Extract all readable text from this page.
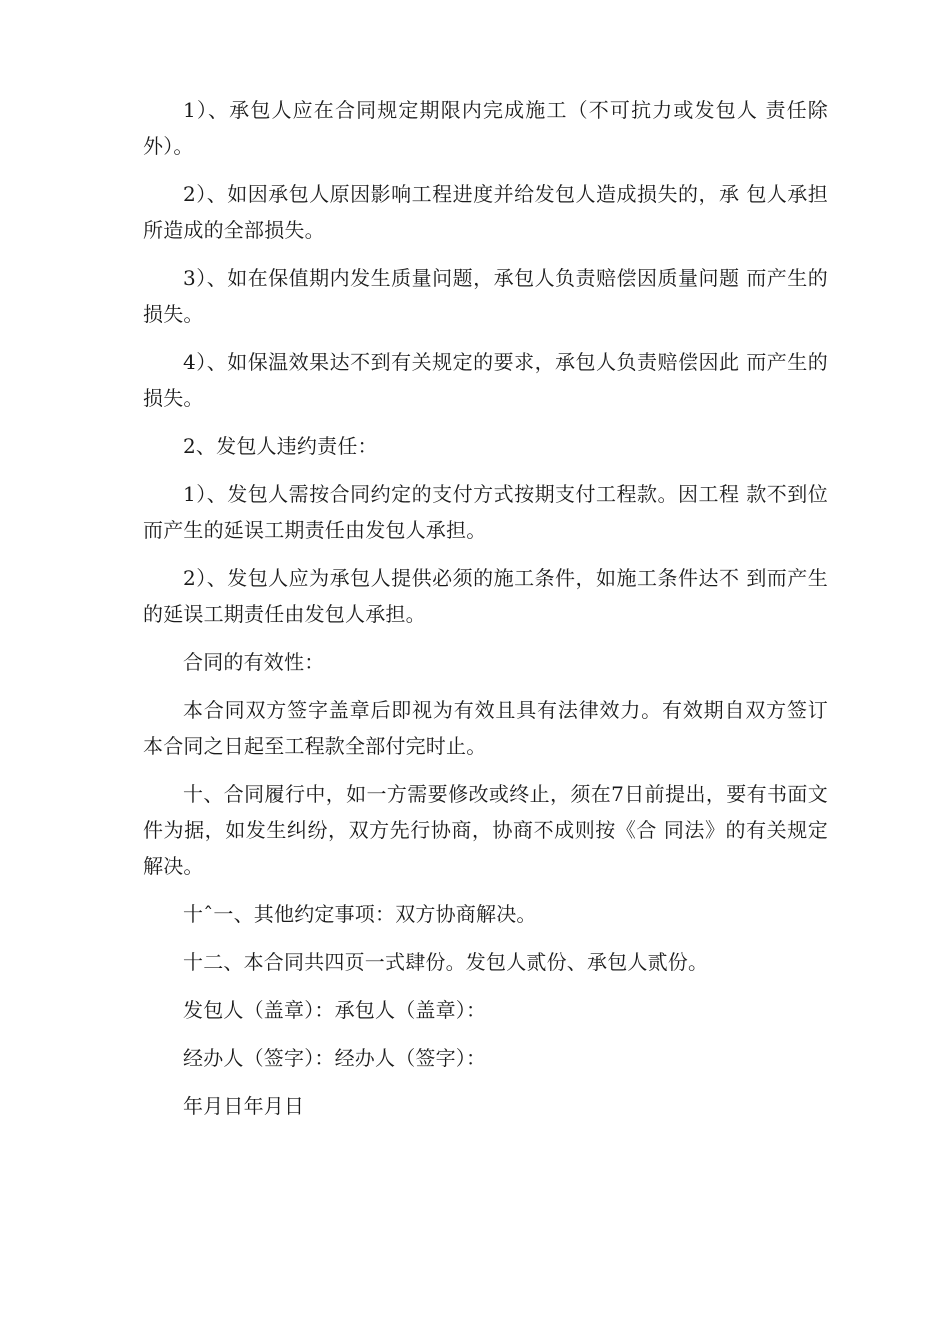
1）、承包人应在合同规定期限内完成施工（不可抗力或发包人 责任除外）。

2）、如因承包人原因影响工程进度并给发包人造成损失的，承 包人承担所造成的全部损失。

3）、如在保值期内发生质量问题，承包人负责赔偿因质量问题 而产生的损失。

4）、如保温效果达不到有关规定的要求，承包人负责赔偿因此 而产生的损失。

2、发包人违约责任：

1）、发包人需按合同约定的支付方式按期支付工程款。因工程 款不到位而产生的延误工期责任由发包人承担。

2）、发包人应为承包人提供必须的施工条件，如施工条件达不 到而产生的延误工期责任由发包人承担。

合同的有效性：

本合同双方签字盖章后即视为有效且具有法律效力。有效期自双方签订本合同之日起至工程款全部付完时止。

十、合同履行中，如一方需要修改或终止，须在7日前提出，要有书面文件为据，如发生纠纷，双方先行协商，协商不成则按《合 同法》的有关规定解决。

十ˆ一、其他约定事项：双方协商解决。

十二、本合同共四页一式肆份。发包人贰份、承包人贰份。

发包人（盖章）：承包人（盖章）：

经办人（签字）：经办人（签字）：

年月日年月日
